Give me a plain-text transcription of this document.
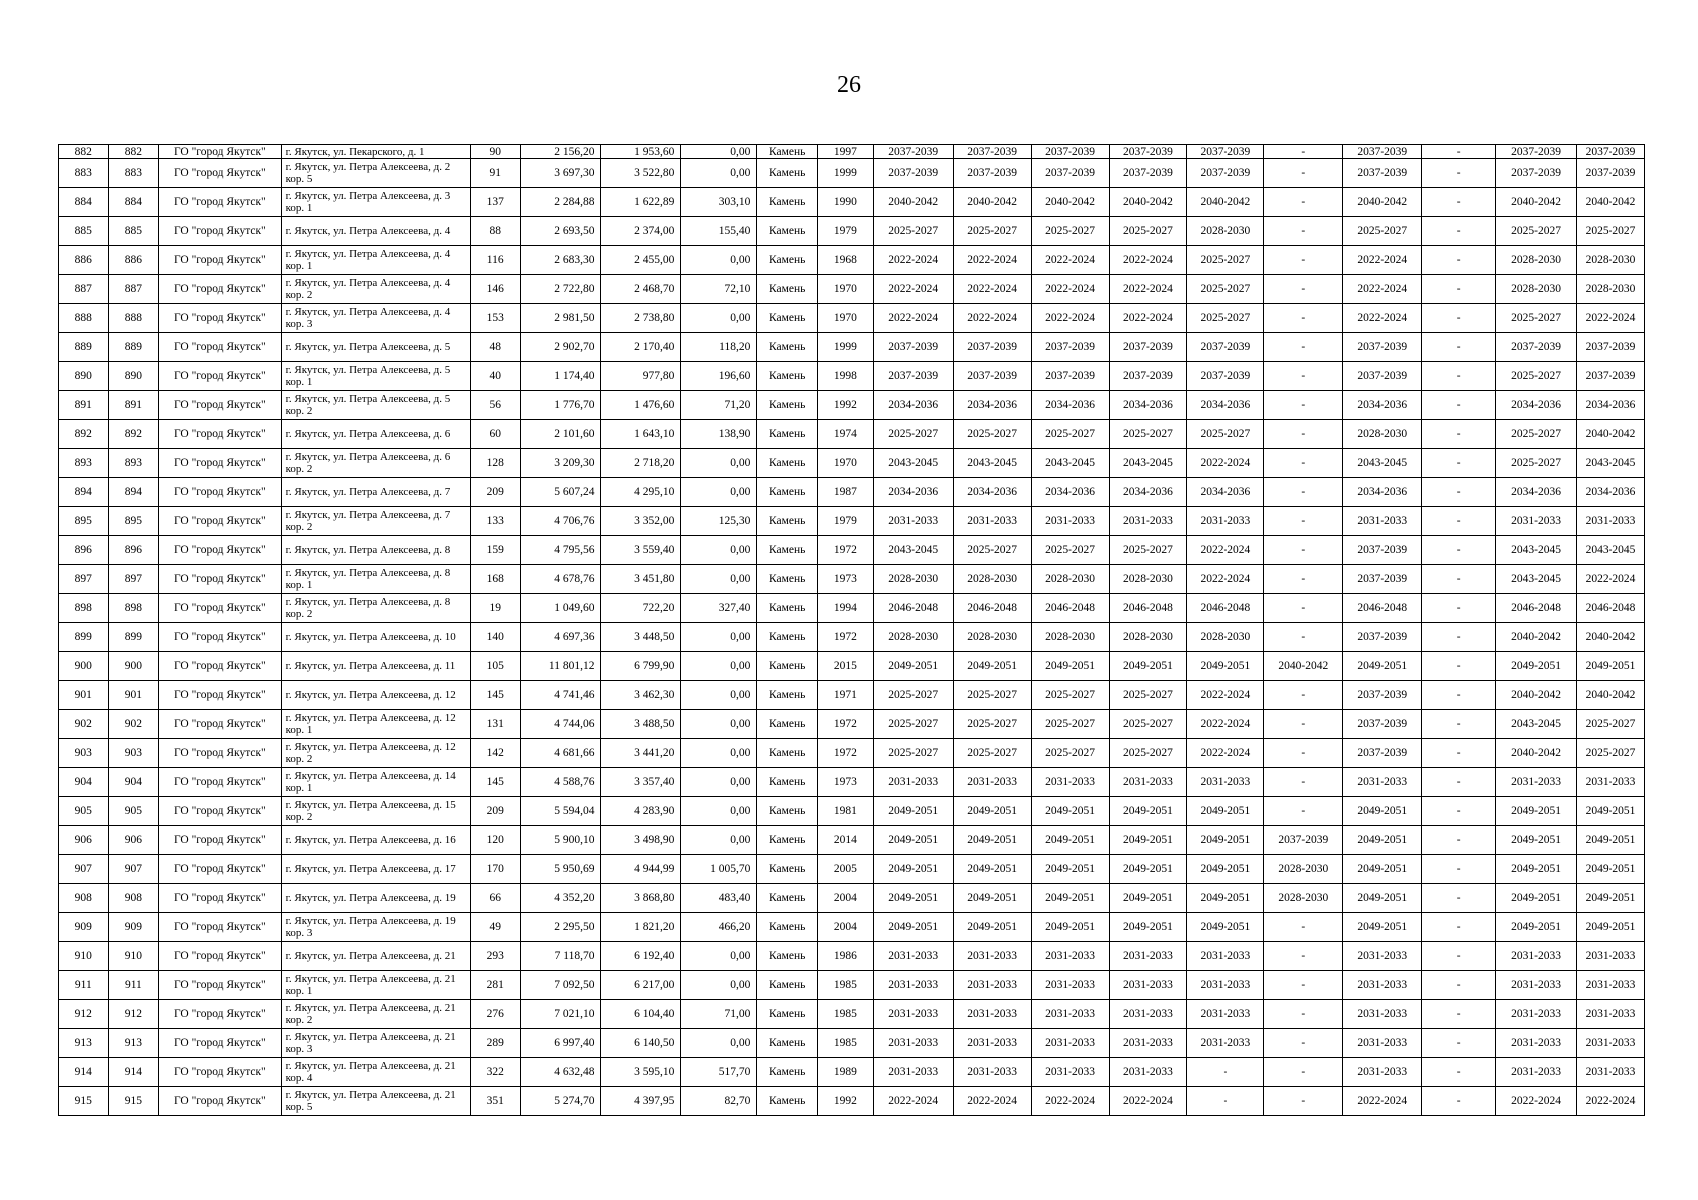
26
882	882	ГО "город Якутск"	г. Якутск, ул. Пекарского, д. 1	90	2 156,20	1 953,60	0,00	Камень	1997	2037-2039	2037-2039	2037-2039	2037-2039	2037-2039	-	2037-2039	-	2037-2039	2037-2039
883	883	ГО "город Якутск"	г. Якутск, ул. Петра Алексеева, д. 2 кор. 5	91	3 697,30	3 522,80	0,00	Камень	1999	2037-2039	2037-2039	2037-2039	2037-2039	2037-2039	-	2037-2039	-	2037-2039	2037-2039
884	884	ГО "город Якутск"	г. Якутск, ул. Петра Алексеева, д. 3 кор. 1	137	2 284,88	1 622,89	303,10	Камень	1990	2040-2042	2040-2042	2040-2042	2040-2042	2040-2042	-	2040-2042	-	2040-2042	2040-2042
885	885	ГО "город Якутск"	г. Якутск, ул. Петра Алексеева, д. 4	88	2 693,50	2 374,00	155,40	Камень	1979	2025-2027	2025-2027	2025-2027	2025-2027	2028-2030	-	2025-2027	-	2025-2027	2025-2027
886	886	ГО "город Якутск"	г. Якутск, ул. Петра Алексеева, д. 4 кор. 1	116	2 683,30	2 455,00	0,00	Камень	1968	2022-2024	2022-2024	2022-2024	2022-2024	2025-2027	-	2022-2024	-	2028-2030	2028-2030
887	887	ГО "город Якутск"	г. Якутск, ул. Петра Алексеева, д. 4 кор. 2	146	2 722,80	2 468,70	72,10	Камень	1970	2022-2024	2022-2024	2022-2024	2022-2024	2025-2027	-	2022-2024	-	2028-2030	2028-2030
888	888	ГО "город Якутск"	г. Якутск, ул. Петра Алексеева, д. 4 кор. 3	153	2 981,50	2 738,80	0,00	Камень	1970	2022-2024	2022-2024	2022-2024	2022-2024	2025-2027	-	2022-2024	-	2025-2027	2022-2024
889	889	ГО "город Якутск"	г. Якутск, ул. Петра Алексеева, д. 5	48	2 902,70	2 170,40	118,20	Камень	1999	2037-2039	2037-2039	2037-2039	2037-2039	2037-2039	-	2037-2039	-	2037-2039	2037-2039
890	890	ГО "город Якутск"	г. Якутск, ул. Петра Алексеева, д. 5 кор. 1	40	1 174,40	977,80	196,60	Камень	1998	2037-2039	2037-2039	2037-2039	2037-2039	2037-2039	-	2037-2039	-	2025-2027	2037-2039
891	891	ГО "город Якутск"	г. Якутск, ул. Петра Алексеева, д. 5 кор. 2	56	1 776,70	1 476,60	71,20	Камень	1992	2034-2036	2034-2036	2034-2036	2034-2036	2034-2036	-	2034-2036	-	2034-2036	2034-2036
892	892	ГО "город Якутск"	г. Якутск, ул. Петра Алексеева, д. 6	60	2 101,60	1 643,10	138,90	Камень	1974	2025-2027	2025-2027	2025-2027	2025-2027	2025-2027	-	2028-2030	-	2025-2027	2040-2042
893	893	ГО "город Якутск"	г. Якутск, ул. Петра Алексеева, д. 6 кор. 2	128	3 209,30	2 718,20	0,00	Камень	1970	2043-2045	2043-2045	2043-2045	2043-2045	2022-2024	-	2043-2045	-	2025-2027	2043-2045
894	894	ГО "город Якутск"	г. Якутск, ул. Петра Алексеева, д. 7	209	5 607,24	4 295,10	0,00	Камень	1987	2034-2036	2034-2036	2034-2036	2034-2036	2034-2036	-	2034-2036	-	2034-2036	2034-2036
895	895	ГО "город Якутск"	г. Якутск, ул. Петра Алексеева, д. 7 кор. 2	133	4 706,76	3 352,00	125,30	Камень	1979	2031-2033	2031-2033	2031-2033	2031-2033	2031-2033	-	2031-2033	-	2031-2033	2031-2033
896	896	ГО "город Якутск"	г. Якутск, ул. Петра Алексеева, д. 8	159	4 795,56	3 559,40	0,00	Камень	1972	2043-2045	2025-2027	2025-2027	2025-2027	2022-2024	-	2037-2039	-	2043-2045	2043-2045
897	897	ГО "город Якутск"	г. Якутск, ул. Петра Алексеева, д. 8 кор. 1	168	4 678,76	3 451,80	0,00	Камень	1973	2028-2030	2028-2030	2028-2030	2028-2030	2022-2024	-	2037-2039	-	2043-2045	2022-2024
898	898	ГО "город Якутск"	г. Якутск, ул. Петра Алексеева, д. 8 кор. 2	19	1 049,60	722,20	327,40	Камень	1994	2046-2048	2046-2048	2046-2048	2046-2048	2046-2048	-	2046-2048	-	2046-2048	2046-2048
899	899	ГО "город Якутск"	г. Якутск, ул. Петра Алексеева, д. 10	140	4 697,36	3 448,50	0,00	Камень	1972	2028-2030	2028-2030	2028-2030	2028-2030	2028-2030	-	2037-2039	-	2040-2042	2040-2042
900	900	ГО "город Якутск"	г. Якутск, ул. Петра Алексеева, д. 11	105	11 801,12	6 799,90	0,00	Камень	2015	2049-2051	2049-2051	2049-2051	2049-2051	2049-2051	2040-2042	2049-2051	-	2049-2051	2049-2051
901	901	ГО "город Якутск"	г. Якутск, ул. Петра Алексеева, д. 12	145	4 741,46	3 462,30	0,00	Камень	1971	2025-2027	2025-2027	2025-2027	2025-2027	2022-2024	-	2037-2039	-	2040-2042	2040-2042
902	902	ГО "город Якутск"	г. Якутск, ул. Петра Алексеева, д. 12 кор. 1	131	4 744,06	3 488,50	0,00	Камень	1972	2025-2027	2025-2027	2025-2027	2025-2027	2022-2024	-	2037-2039	-	2043-2045	2025-2027
903	903	ГО "город Якутск"	г. Якутск, ул. Петра Алексеева, д. 12 кор. 2	142	4 681,66	3 441,20	0,00	Камень	1972	2025-2027	2025-2027	2025-2027	2025-2027	2022-2024	-	2037-2039	-	2040-2042	2025-2027
904	904	ГО "город Якутск"	г. Якутск, ул. Петра Алексеева, д. 14 кор. 1	145	4 588,76	3 357,40	0,00	Камень	1973	2031-2033	2031-2033	2031-2033	2031-2033	2031-2033	-	2031-2033	-	2031-2033	2031-2033
905	905	ГО "город Якутск"	г. Якутск, ул. Петра Алексеева, д. 15 кор. 2	209	5 594,04	4 283,90	0,00	Камень	1981	2049-2051	2049-2051	2049-2051	2049-2051	2049-2051	-	2049-2051	-	2049-2051	2049-2051
906	906	ГО "город Якутск"	г. Якутск, ул. Петра Алексеева, д. 16	120	5 900,10	3 498,90	0,00	Камень	2014	2049-2051	2049-2051	2049-2051	2049-2051	2049-2051	2037-2039	2049-2051	-	2049-2051	2049-2051
907	907	ГО "город Якутск"	г. Якутск, ул. Петра Алексеева, д. 17	170	5 950,69	4 944,99	1 005,70	Камень	2005	2049-2051	2049-2051	2049-2051	2049-2051	2049-2051	2028-2030	2049-2051	-	2049-2051	2049-2051
908	908	ГО "город Якутск"	г. Якутск, ул. Петра Алексеева, д. 19	66	4 352,20	3 868,80	483,40	Камень	2004	2049-2051	2049-2051	2049-2051	2049-2051	2049-2051	2028-2030	2049-2051	-	2049-2051	2049-2051
909	909	ГО "город Якутск"	г. Якутск, ул. Петра Алексеева, д. 19 кор. 3	49	2 295,50	1 821,20	466,20	Камень	2004	2049-2051	2049-2051	2049-2051	2049-2051	2049-2051	-	2049-2051	-	2049-2051	2049-2051
910	910	ГО "город Якутск"	г. Якутск, ул. Петра Алексеева, д. 21	293	7 118,70	6 192,40	0,00	Камень	1986	2031-2033	2031-2033	2031-2033	2031-2033	2031-2033	-	2031-2033	-	2031-2033	2031-2033
911	911	ГО "город Якутск"	г. Якутск, ул. Петра Алексеева, д. 21 кор. 1	281	7 092,50	6 217,00	0,00	Камень	1985	2031-2033	2031-2033	2031-2033	2031-2033	2031-2033	-	2031-2033	-	2031-2033	2031-2033
912	912	ГО "город Якутск"	г. Якутск, ул. Петра Алексеева, д. 21 кор. 2	276	7 021,10	6 104,40	71,00	Камень	1985	2031-2033	2031-2033	2031-2033	2031-2033	2031-2033	-	2031-2033	-	2031-2033	2031-2033
913	913	ГО "город Якутск"	г. Якутск, ул. Петра Алексеева, д. 21 кор. 3	289	6 997,40	6 140,50	0,00	Камень	1985	2031-2033	2031-2033	2031-2033	2031-2033	2031-2033	-	2031-2033	-	2031-2033	2031-2033
914	914	ГО "город Якутск"	г. Якутск, ул. Петра Алексеева, д. 21 кор. 4	322	4 632,48	3 595,10	517,70	Камень	1989	2031-2033	2031-2033	2031-2033	2031-2033	-	-	2031-2033	-	2031-2033	2031-2033
915	915	ГО "город Якутск"	г. Якутск, ул. Петра Алексеева, д. 21 кор. 5	351	5 274,70	4 397,95	82,70	Камень	1992	2022-2024	2022-2024	2022-2024	2022-2024	-	-	2022-2024	-	2022-2024	2022-2024
